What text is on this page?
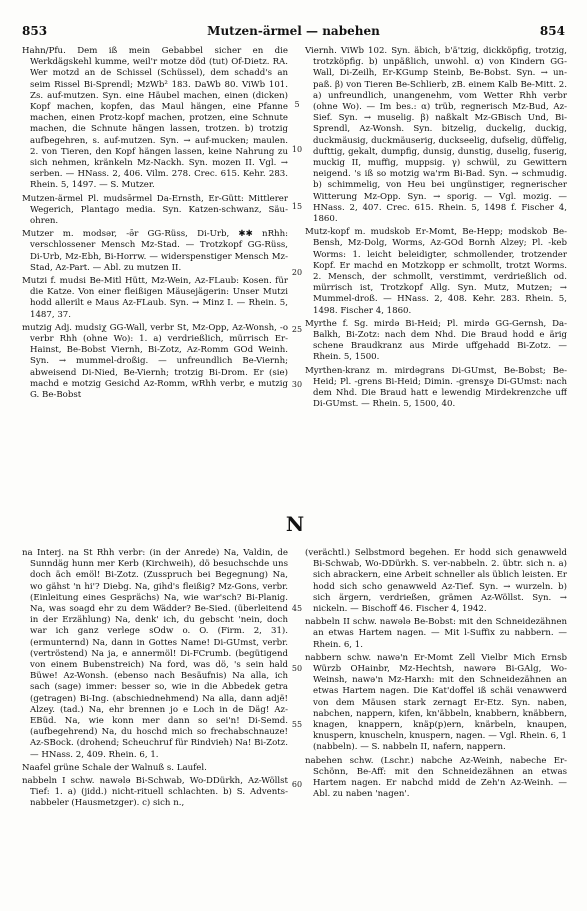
853	Mutzen-ärmel — nabehen	854

Hahn/Pfu. Dem iß mein Gebabbel sicher en die Werkdägskehl kumme, weil'r motze död (tut) Of-Dietz. RA. Wer motzd an de Schissel (Schüssel), dem schadd's an seim Rissel Bi-Sprendl; MzWb² 183. DaWb 80. ViWb 101. Zs. auf-mutzen. Syn. eine Häubel machen, einen (dicken) Kopf machen, kopfen, das Maul hängen, eine Pfanne machen, einen Protz-kopf machen, protzen, eine Schnute machen, die Schnute hängen lassen, trotzen. b) trotzig aufbegehren, s. auf-mutzen. Syn. → auf-mucken; maulen. 2. von Tieren, den Kopf hängen lassen, keine Nahrung zu sich nehmen, kränkeln Mz-Nackh. Syn. mozen II. Vgl. → serben. — HNass. 2, 406. Vilm. 278. Crec. 615. Kehr. 283. Rhein. 5, 1497. — S. Mutzer.

Mutzen-ärmel Pl. mudsə̄rmel Da-Ernsth, Er-Gütt: Mittlerer Wegerich, Plantago media. Syn. Katzen-schwanz, Säu-ohren.

Mutzer m. modsər, -ə̄r GG-Rüss, Di-Urb, ✱✱ nRhh: verschlossener Mensch Mz-Stad. — Trotzkopf GG-Rüss, Di-Urb, Mz-Ebh, Bi-Horrw. — widerspenstiger Mensch Mz-Stad, Az-Part. — Abl. zu mutzen II.

Mutzi f. mudsi Be-Mitl Hütt, Mz-Wein, Az-FLaub: Kosen. für die Katze. Von einer fleißigen Mäusejägerin: Unser Mutzi hodd allerilt e Maus Az-FLaub. Syn. → Minz I. — Rhein. 5, 1487, 37.

mutzig Adj. mudsiχ GG-Wall, verbr St, Mz-Opp, Az-Wonsh, -o verbr Rhh (ohne Wo): 1. a) verdrießlich, mürrisch Er-Hainst, Be-Bobst Viernh, Bi-Zotz, Az-Romm GOd Weinh. Syn. → mummel-droßig. — unfreundlich Be-Viernh; abweisend Di-Nied, Be-Viernh; trotzig Bi-Drom. Er (sie) machd e motzig Gesichd Az-Romm, wRhh verbr, e mutzig G. Be-Bobst

Viernh. ViWb 102. Syn. äbich, b'ä'tzig, dickköpfig, trotzig, trotzköpfig. b) unpäßlich, unwohl. α) von Kindern GG-Wall, Di-Zeilh, Er-KGump Steinb, Be-Bobst. Syn. → un-paß. β) von Tieren Be-Schlierb, zB. einem Kalb Be-Mitt. 2. a) unfreundlich, unangenehm, vom Wetter Rhh verbr (ohne Wo). — Im bes.: α) trüb, regnerisch Mz-Bud, Az-Sief. Syn. → muselig. β) naßkalt Mz-GBisch Und, Bi-Sprendl, Az-Wonsh. Syn. bitzelig, duckelig, duckig, duckmäusig, duckmäuserig, duckseelig, dufselig, düffelig, dufttig, gekalt, dumpfig, dunsig, dunstig, duselig, fuserig, muckig II, muffig, muppsig. γ) schwül, zu Gewittern neigend. 's iß so motzig wa'rm Bi-Bad. Syn. → schmudig. b) schimmelig, von Heu bei ungünstiger, regnerischer Witterung Mz-Opp. Syn. → sporig. — Vgl. mozig. — HNass. 2, 407. Crec. 615. Rhein. 5, 1498 f. Fischer 4, 1860.

Mutz-kopf m. mudskob Er-Momt, Be-Hepp; modskob Be-Bensh, Mz-Dolg, Worms, Az-GOd Bornh Alzey; Pl. -keb Worms: 1. leicht beleidigter, schmollender, trotzender Kopf. Er machd en Motzkopp er schmollt, trotzt Worms. 2. Mensch, der schmollt, verstimmt, verdrießlich od. mürrisch ist, Trotzkopf Allg. Syn. Mutz, Mutzen; → Mummel-droß. — HNass. 2, 408. Kehr. 283. Rhein. 5, 1498. Fischer 4, 1860.

Myrthe f. Sg. mirdə Bi-Heid; Pl. mirdə GG-Gernsh, Da-Balkh, Bi-Zotz: nach dem Nhd. Die Braud hodd e ärig schene Braudkranz aus Mirde uffgehadd Bi-Zotz. — Rhein. 5, 1500.

Myrthen-kranz m. mirdəgrans Di-GUmst, Be-Bobst; Be-Heid; Pl. -grens Bi-Heid; Dimin. -grensχə Di-GUmst: nach dem Nhd. Die Braud hatt e lewendig Mirdekrenzche uff Di-GUmst. — Rhein. 5, 1500, 40.

N

na Interj. na St Rhh verbr: (in der Anrede) Na, Valdin, de Sunndäg hunn mer Kerb (Kirchweih), dö besuchschde uns doch äch emöl! Bi-Zotz. (Zusspruch bei Begegnung) Na, wo gähst 'n hi'? Diebg. Na, gihd's fleißig? Mz-Gons, verbr. (Einleitung eines Gesprächs) Na, wie war'sch? Bi-Planig. Na, was soagd ehr zu dem Wädder? Be-Sied. (überleitend in der Erzählung) Na, denk' ich, du gebscht 'nein, doch war ich ganz verlege sOdw o. O. (Firm. 2, 31). (ermunternd) Na, dann in Gottes Name! Di-GUmst, verbr. (vertröstend) Na ja, e annermöl! Di-FCrumb. (begütigend von einem Bubenstreich) Na ford, was dö, 's sein hald Büwe! Az-Wonsh. (ebenso nach Besäufnis) Na alla, ich sach (sage) immer: besser so, wie in die Abbedek getra (getragen) Bi-Ing. (abschiednehmend) Na alla, dann adjë! Alzey. (tad.) Na, ehr brennen jo e Loch in de Däg! Az-EBüd. Na, wie konn mer dann so sei'n! Di-Semd. (aufbegehrend) Na, du hoschd mich so frechabschnauze! Az-SBock. (drohend; Scheuchruf für Rindvieh) Na! Bi-Zotz. — HNass. 2, 409. Rhein. 6, 1.

Naafel grüne Schale der Walnuß s. Laufel.

nabbeln I schw. nawələ Bi-Schwab, Wo-DDürkh, Az-Wöllst Tief: 1. a) (jidd.) nicht-rituell schlachten. b) S. Advents-nabbeler (Hausmetzger). c) sich n.,

(verächtl.) Selbstmord begehen. Er hodd sich genawweld Bi-Schwab, Wo-DDürkh. S. ver-nabbeln. 2. übtr. sich n. a) sich abrackern, eine Arbeit schneller als üblich leisten. Er hodd sich scho genawweld Az-Tief. Syn. → wurzeln. b) sich ärgern, verdrießen, grämen Az-Wöllst. Syn. → nickeln. — Bischoff 46. Fischer 4, 1942.

nabbeln II schw. nawələ Be-Bobst: mit den Schneidezähnen an etwas Hartem nagen. — Mit l-Suffix zu nabbern. — Rhein. 6, 1.

nabbern schw. nawə'n Er-Momt Zell Vielbr Mich Ernsb Würzb OHainbr, Mz-Hechtsh, nawərə Bi-GAlg, Wo-Weinsh, nawə'n Mz-Harxh: mit den Schneidezähnen an etwas Hartem nagen. Die Kat'doffel iß schäi venawwerd von dem Mäusen stark zernagt Er-Etz. Syn. naben, nabchen, nappern, kifen, kn'äbbeln, knabbern, knäbbern, knagen, knappern, knäp(p)ern, knärbeln, knaupen, knuspern, knuscheln, knuspern, nagen. — Vgl. Rhein. 6, 1 (nabbeln). — S. nabbeln II, nafern, nappern.

nabehen schw. (Lschr.) nabche Az-Weinh, nabeche Er-Schönn, Be-Aff: mit den Schneidezähnen an etwas Hartem nagen. Er nabchd midd de Zeh'n Az-Weinh. — Abl. zu naben 'nagen'.

5
10
15
20
25
30
45
50
55
60
